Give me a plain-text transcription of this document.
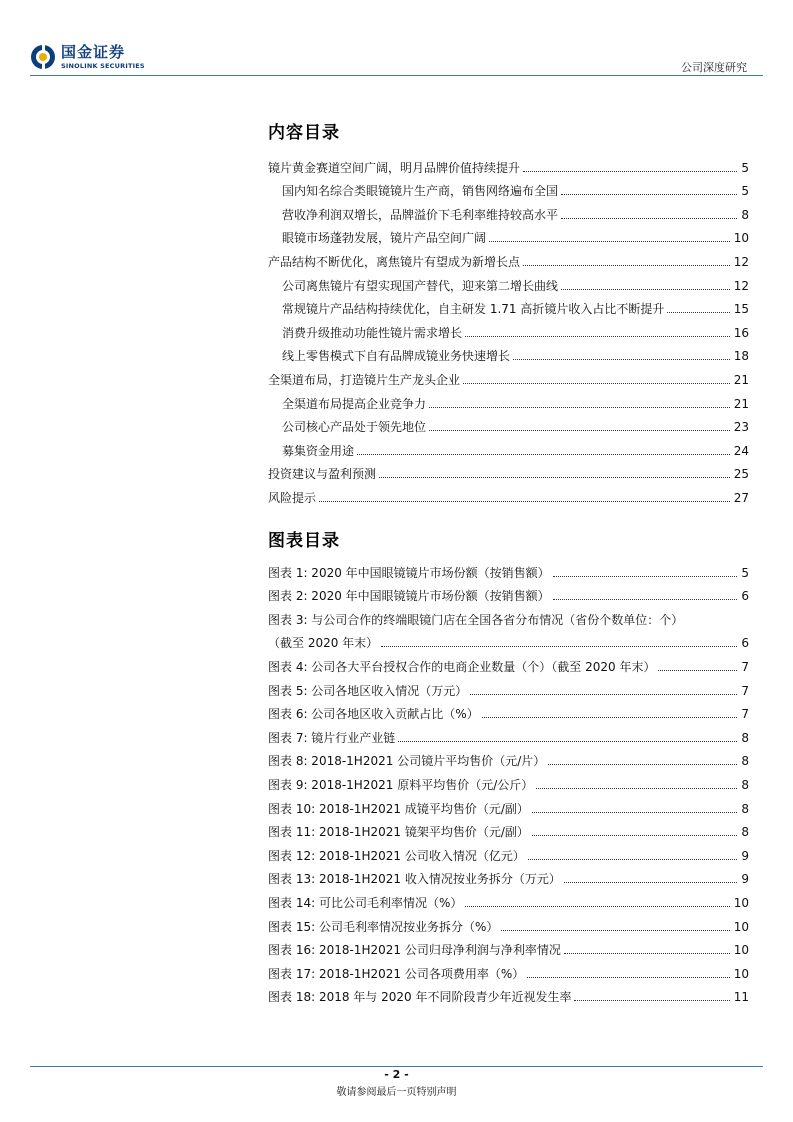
国金证券
SINOLINK SECURITIES	公司深度研究
内容目录
镜片黄金赛道空间广阔，明月品牌价值持续提升	5
国内知名综合类眼镜镜片生产商，销售网络遍布全国	5
营收净利润双增长，品牌溢价下毛利率维持较高水平	8
眼镜市场蓬勃发展，镜片产品空间广阔	10
产品结构不断优化，离焦镜片有望成为新增长点	12
公司离焦镜片有望实现国产替代，迎来第二增长曲线	12
常规镜片产品结构持续优化，自主研发 1.71 高折镜片收入占比不断提升	15
消费升级推动功能性镜片需求增长	16
线上零售模式下自有品牌成镜业务快速增长	18
全渠道布局，打造镜片生产龙头企业	21
全渠道布局提高企业竞争力	21
公司核心产品处于领先地位	23
募集资金用途	24
投资建议与盈利预测	25
风险提示	27
图表目录
图表 1: 2020 年中国眼镜镜片市场份额（按销售额）	5
图表 2: 2020 年中国眼镜镜片市场份额（按销售额）	6
图表 3: 与公司合作的终端眼镜门店在全国各省分布情况（省份个数单位：个）
（截至 2020 年末）	6
图表 4: 公司各大平台授权合作的电商企业数量（个）（截至 2020 年末）	7
图表 5: 公司各地区收入情况（万元）	7
图表 6: 公司各地区收入贡献占比（%）	7
图表 7: 镜片行业产业链	8
图表 8: 2018-1H2021 公司镜片平均售价（元/片）	8
图表 9: 2018-1H2021 原料平均售价（元/公斤）	8
图表 10: 2018-1H2021 成镜平均售价（元/副）	8
图表 11: 2018-1H2021 镜架平均售价（元/副）	8
图表 12: 2018-1H2021 公司收入情况（亿元）	9
图表 13: 2018-1H2021 收入情况按业务拆分（万元）	9
图表 14: 可比公司毛利率情况（%）	10
图表 15: 公司毛利率情况按业务拆分（%）	10
图表 16: 2018-1H2021 公司归母净利润与净利率情况	10
图表 17: 2018-1H2021 公司各项费用率（%）	10
图表 18: 2018 年与 2020 年不同阶段青少年近视发生率	11
- 2 -
敬请参阅最后一页特别声明
